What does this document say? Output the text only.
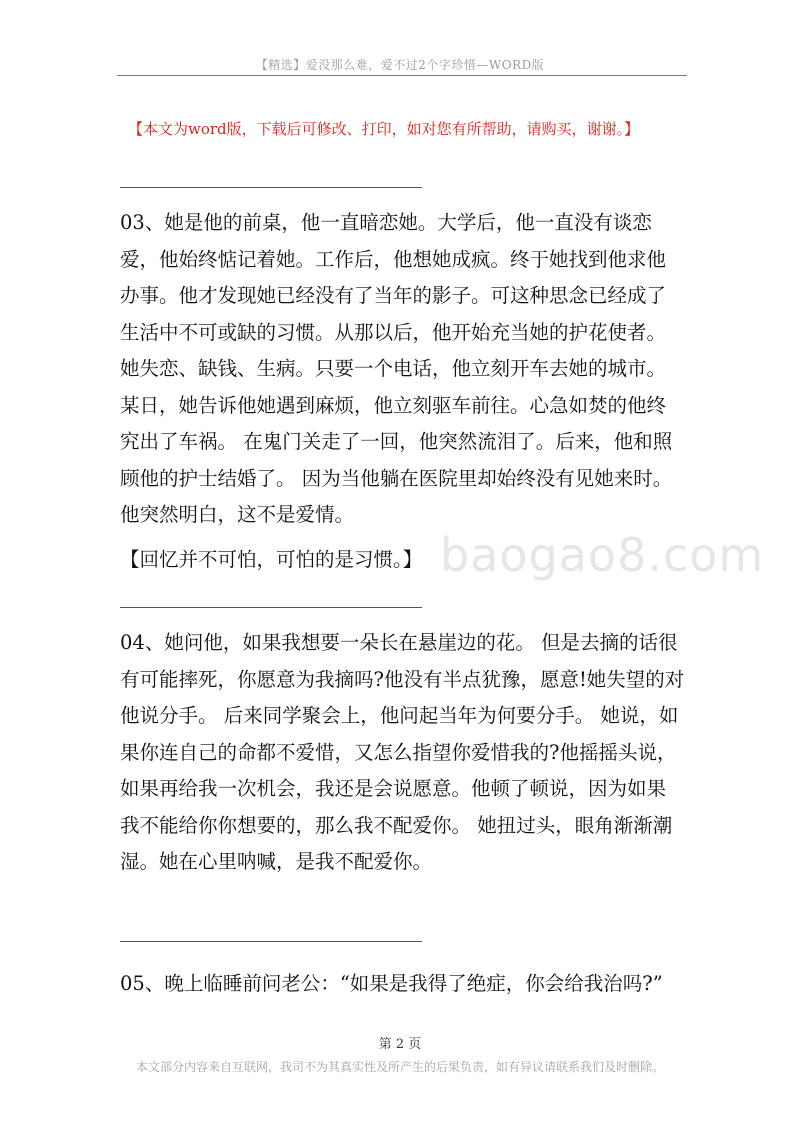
【精选】爱没那么难，爱不过2个字珍惜—WORD版
【本文为word版，下载后可修改、打印，如对您有所帮助，请购买，谢谢。】

03、她是他的前桌，他一直暗恋她。大学后，他一直没有谈恋爱，他始终惦记着她。工作后，他想她成疯。终于她找到他求他办事。他才发现她已经没有了当年的影子。可这种思念已经成了生活中不可或缺的习惯。从那以后，他开始充当她的护花使者。她失恋、缺钱、生病。只要一个电话，他立刻开车去她的城市。某日，她告诉他她遇到麻烦，他立刻驱车前往。心急如焚的他终究出了车祸。 在鬼门关走了一回，他突然流泪了。后来，他和照顾他的护士结婚了。 因为当他躺在医院里却始终没有见她来时。他突然明白，这不是爱情。

【回忆并不可怕，可怕的是习惯。】 baogao8.com

04、她问他，如果我想要一朵长在悬崖边的花。 但是去摘的话很有可能摔死，你愿意为我摘吗?他没有半点犹豫，愿意!她失望的对他说分手。 后来同学聚会上，他问起当年为何要分手。 她说，如果你连自己的命都不爱惜，又怎么指望你爱惜我的?他摇摇头说，如果再给我一次机会，我还是会说愿意。他顿了顿说，因为如果我不能给你你想要的，那么我不配爱你。 她扭过头，眼角渐渐潮湿。她在心里呐喊，是我不配爱你。

05、晚上临睡前问老公：“如果是我得了绝症，你会给我治吗?”
第 2 页
本文部分内容来自互联网，我司不为其真实性及所产生的后果负责，如有异议请联系我们及时删除。
